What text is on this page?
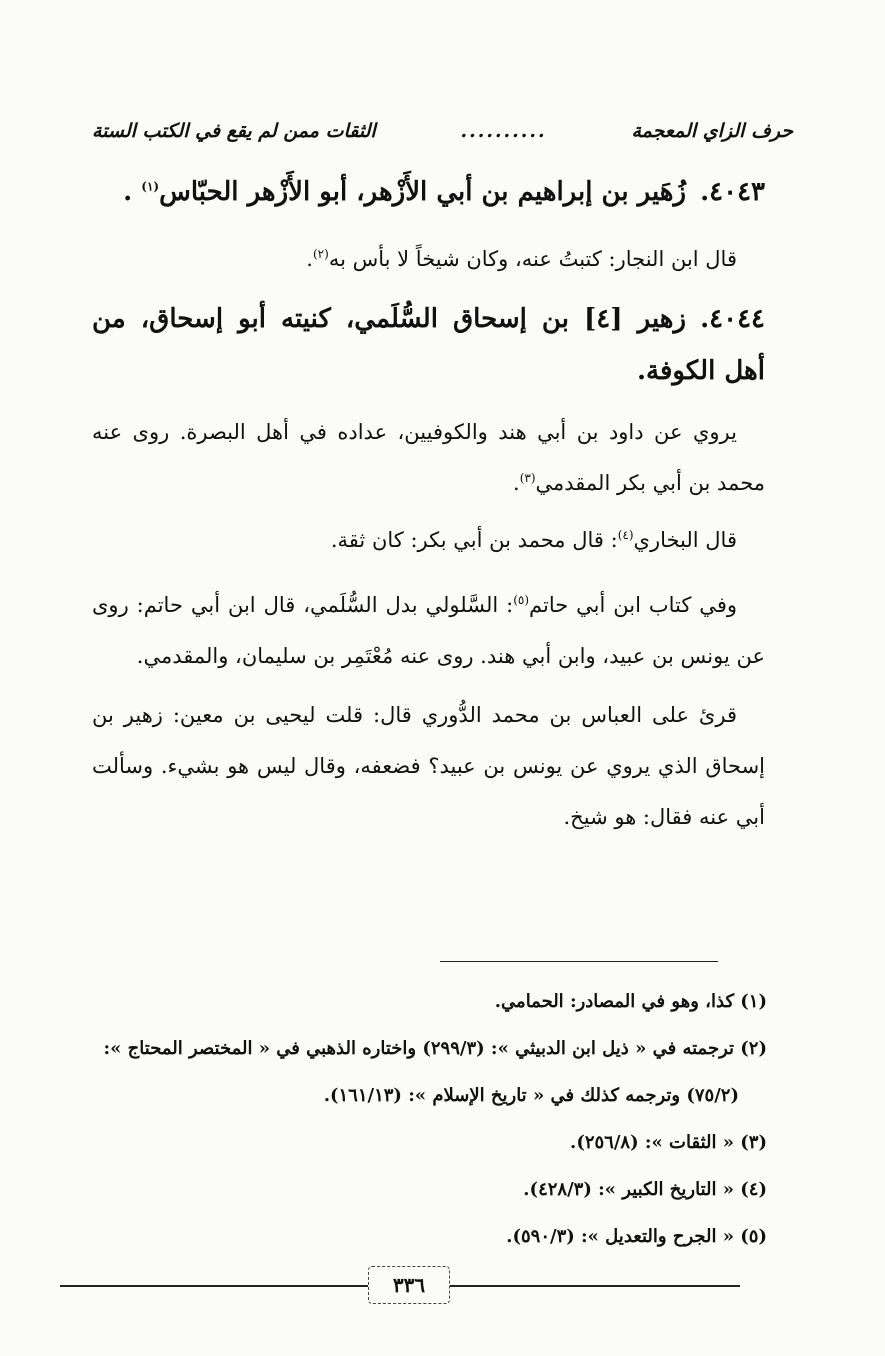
حرف الزاي المعجمة
..........
الثقات ممن لم يقع في الكتب الستة
٤٠٤٣.زُهَير بن إبراهيم بن أبي الأَزْهر، أبو الأَزْهر الحبّاس$^{(١)}$ .
قال ابن النجار: كتبتُ عنه، وكان شيخاً لا بأس به$^{(٢)}$.
٤٠٤٤.زهير [٤] بن إسحاق السُّلَمي، كنيته أبو إسحاق، من أهل الكوفة.
يروي عن داود بن أبي هند والكوفيين، عداده في أهل البصرة. روى عنه محمد بن أبي بكر المقدمي$^{(٣)}$.
قال البخاري$^{(٤)}$: قال محمد بن أبي بكر: كان ثقة.
وفي كتاب ابن أبي حاتم$^{(٥)}$: السَّلولي بدل السُّلَمي، قال ابن أبي حاتم: روى عن يونس بن عبيد، وابن أبي هند. روى عنه مُعْتَمِر بن سليمان، والمقدمي.
قرئ على العباس بن محمد الدُّوري قال: قلت ليحيى بن معين: زهير بن إسحاق الذي يروي عن يونس بن عبيد؟ فضعفه، وقال ليس هو بشيء. وسألت أبي عنه فقال: هو شيخ.
(١) كذا، وهو في المصادر: الحمامي.
(٢) ترجمته في « ذيل ابن الدبيثي »: (٢٩٩/٣) واختاره الذهبي في « المختصر المحتاج »:
(٧٥/٢) وترجمه كذلك في « تاريخ الإسلام »: (١٦١/١٣).
(٣) « الثقات »: (٢٥٦/٨).
(٤) « التاريخ الكبير »: (٤٢٨/٣).
(٥) « الجرح والتعديل »: (٥٩٠/٣).
٣٣٦
